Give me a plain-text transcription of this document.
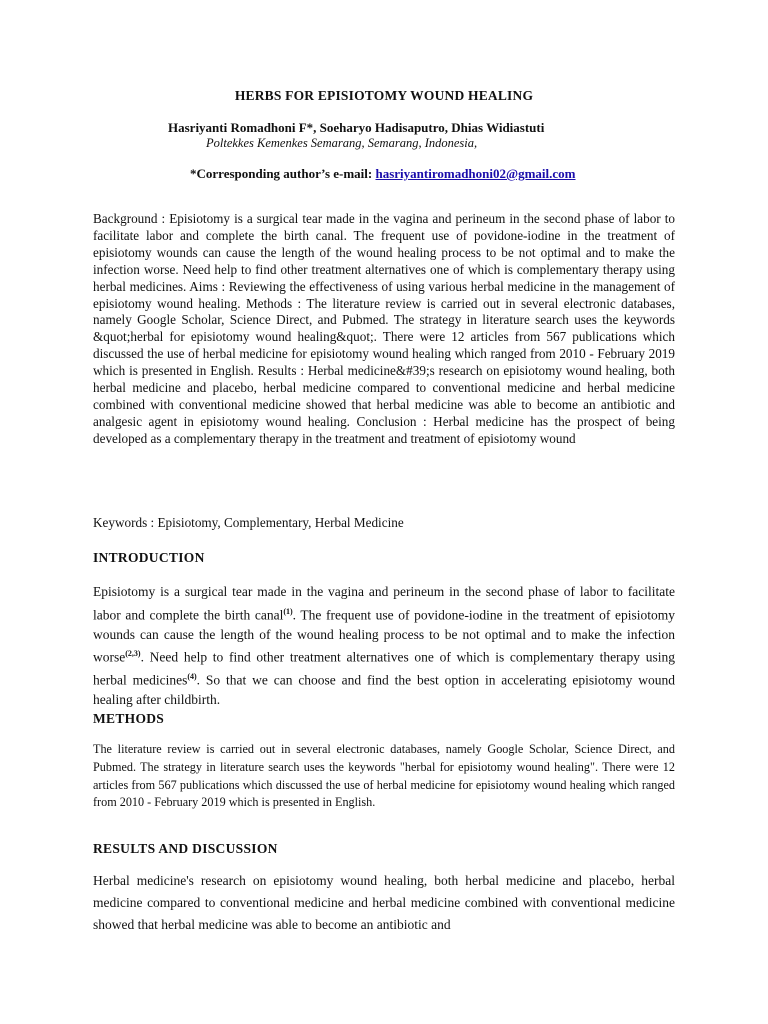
HERBS FOR EPISIOTOMY WOUND HEALING
Hasriyanti Romadhoni F*, Soeharyo Hadisaputro, Dhias Widiastuti
Poltekkes Kemenkes Semarang, Semarang, Indonesia,
*Corresponding author’s e-mail: hasriyantiromadhoni02@gmail.com

Background : Episiotomy is a surgical tear made in the vagina and perineum in the second phase of labor to facilitate labor and complete the birth canal. The frequent use of povidone-iodine in the treatment of episiotomy wounds can cause the length of the wound healing process to be not optimal and to make the infection worse. Need help to find other treatment alternatives one of which is complementary therapy using herbal medicines. Aims : Reviewing the effectiveness of using various herbal medicine in the management of episiotomy wound healing. Methods : The literature review is carried out in several electronic databases, namely Google Scholar, Science Direct, and Pubmed. The strategy in literature search uses the keywords &quot;herbal for episiotomy wound healing&quot;. There were 12 articles from 567 publications which discussed the use of herbal medicine for episiotomy wound healing which ranged from 2010 - February 2019 which is presented in English. Results : Herbal medicine&#39;s research on episiotomy wound healing, both herbal medicine and placebo, herbal medicine compared to conventional medicine and herbal medicine combined with conventional medicine showed that herbal medicine was able to become an antibiotic and analgesic agent in episiotomy wound healing. Conclusion : Herbal medicine has the prospect of being developed as a complementary therapy in the treatment and treatment of episiotomy wound

Keywords : Episiotomy, Complementary, Herbal Medicine
INTRODUCTION

Episiotomy is a surgical tear made in the vagina and perineum in the second phase of labor to facilitate labor and complete the birth canal$^{(1)}$. The frequent use of povidone-iodine in the treatment of episiotomy wounds can cause the length of the wound healing process to be not optimal and to make the infection worse$^{(2,3)}$. Need help to find other treatment alternatives one of which is complementary therapy using herbal medicines$^{(4)}$. So that we can choose and find the best option in accelerating episiotomy wound healing after childbirth.

METHODS

The literature review is carried out in several electronic databases, namely Google Scholar, Science Direct, and Pubmed. The strategy in literature search uses the keywords "herbal for episiotomy wound healing". There were 12 articles from 567 publications which discussed the use of herbal medicine for episiotomy wound healing which ranged from 2010 - February 2019 which is presented in English.

RESULTS AND DISCUSSION

Herbal medicine's research on episiotomy wound healing, both herbal medicine and placebo, herbal medicine compared to conventional medicine and herbal medicine combined with conventional medicine showed that herbal medicine was able to become an antibiotic and
